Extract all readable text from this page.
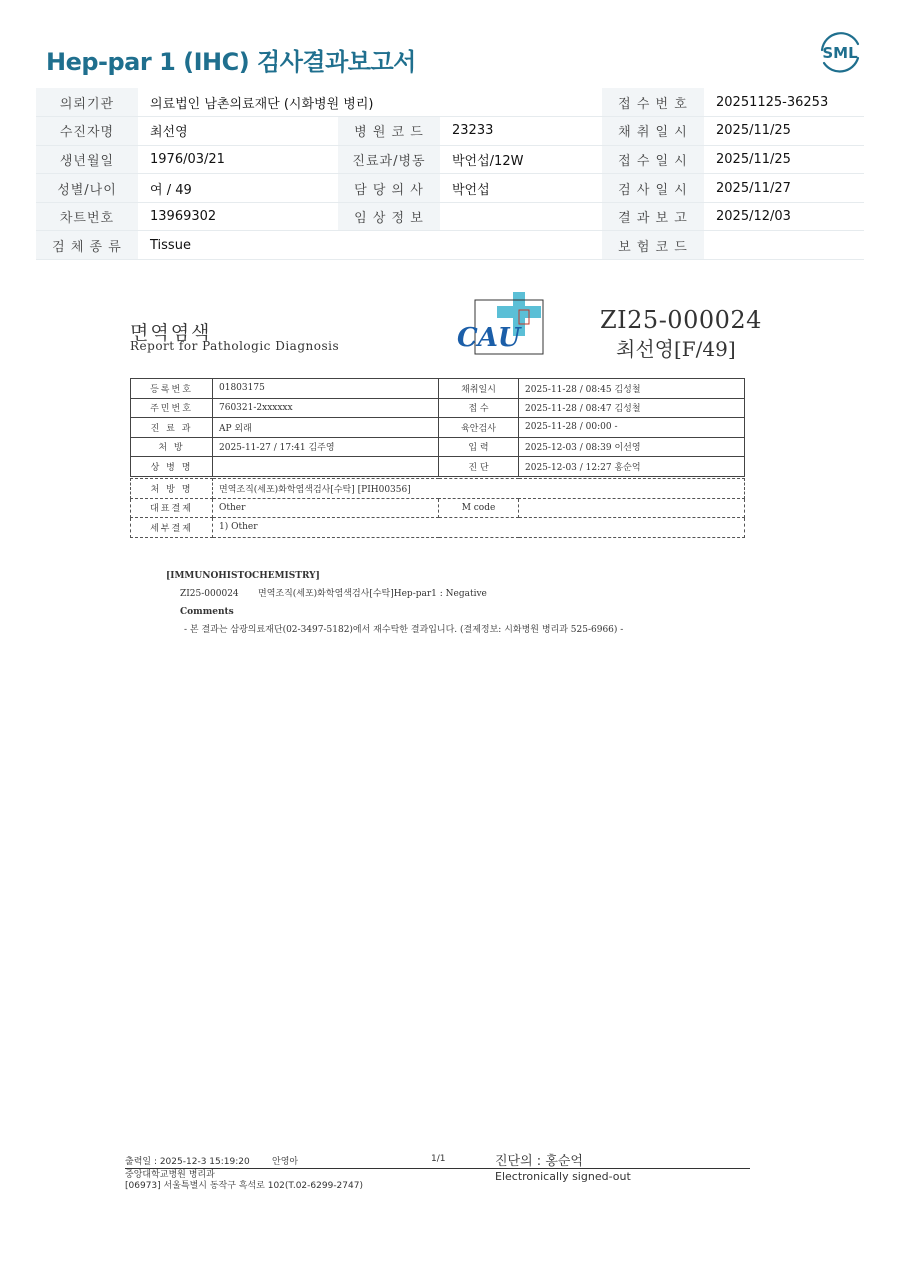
Hep-par 1 (IHC) 검사결과보고서	SML
의뢰기관	의료법인 남촌의료재단 (시화병원 병리)			접 수 번 호	20251125-36253
수진자명	최선영	병 원 코 드	23233	채 취 일 시	2025/11/25
생년월일	1976/03/21	진료과/병동	박언섭/12W	접 수 일 시	2025/11/25
성별/나이	여 / 49	담 당 의 사	박언섭	검 사 일 시	2025/11/27
차트번호	13969302	임 상 정 보		결 과 보 고	2025/12/03
검 체 종 류	Tissue			보 험 코 드	
면역염색
Report for Pathologic Diagnosis	CAU
ZI25-000024
최선영[F/49]
등록번호	01803175	채취일시	2025-11-28 / 08:45 김성철
주민번호	760321-2xxxxxx	접 수	2025-11-28 / 08:47 김성철
진 료 과	AP 외래	육안검사	2025-11-28 / 00:00 -
처 방	2025-11-27 / 17:41 김주영	입 력	2025-12-03 / 08:39 이선영
상 병 명		진 단	2025-12-03 / 12:27 홍순억
처 방 명	면역조직(세포)화학염색검사[수탁] [PIH00356]		
대표결제	Other	M code	
세부결제	1) Other		
[IMMUNOHISTOCHEMISTRY]
ZI25-000024 면역조직(세포)화학염색검사[수탁]Hep-par1 : Negative
Comments
- 본 결과는 삼광의료재단(02-3497-5182)에서 재수탁한 결과입니다. (결제정보: 시화병원 병리과 525-6966) -
출력일 : 2025-12-3 15:19:20 안영아	1/1	진단의 : 홍순억
중앙대학교병원 병리과
[06973] 서울특별시 동작구 흑석로 102(T.02-6299-2747)
Electronically signed-out
